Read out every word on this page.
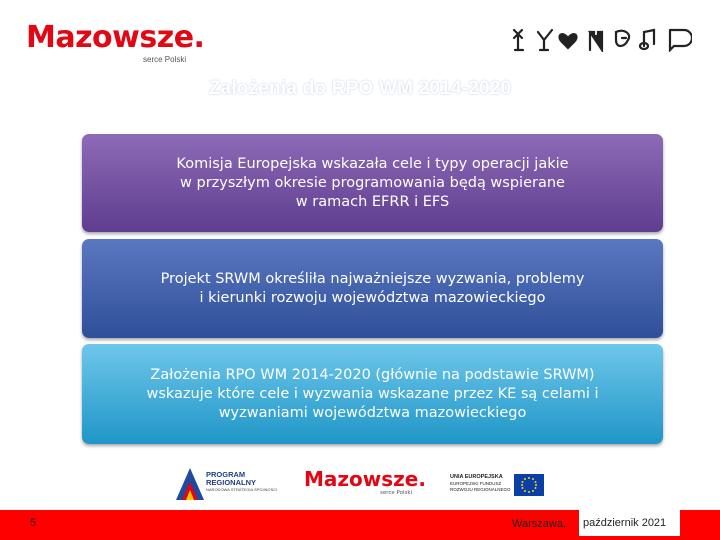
Mazowsze.
serce Polski
Założenia do RPO WM 2014-2020
Komisja Europejska wskazała cele i typy operacji jakie
w przyszłym okresie programowania będą wspierane
w ramach EFRR i EFS
Projekt SRWM określiła najważniejsze wyzwania, problemy
i kierunki rozwoju województwa mazowieckiego
Założenia RPO WM 2014-2020 (głównie na podstawie SRWM)
wskazuje które cele i wyzwania wskazane przez KE są celami i
wyzwaniami województwa mazowieckiego
PROGRAM
REGIONALNY
NARODOWA STRATEGIA SPÓJNOŚCI Mazowsze.
serce Polski
UNIA EUROPEJSKA
EUROPEJSKI FUNDUSZ
ROZWOJU REGIONALNEGO
5	Warszawa, październik 2021
